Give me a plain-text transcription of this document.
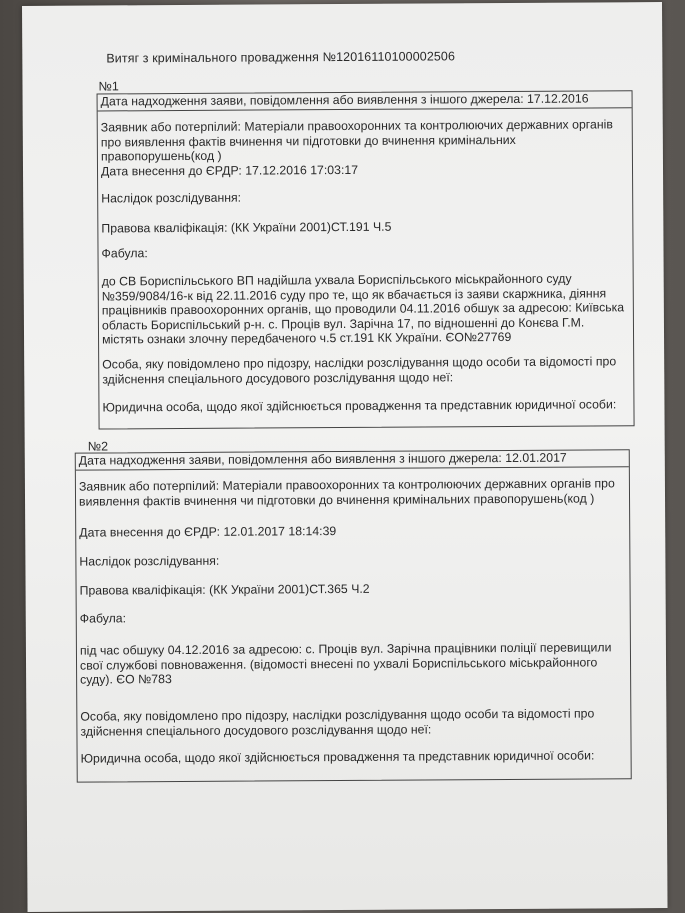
Витяг з кримінального провадження №12016110100002506
№1
Дата надходження заяви, повідомлення або виявлення з іншого джерела: 17.12.2016

Заявник або потерпілий: Матеріали правоохоронних та контролюючих державних органів про виявлення фактів вчинення чи підготовки до вчинення кримінальних правопорушень(код )

Дата внесення до ЄРДР: 17.12.2016 17:03:17

Наслідок розслідування:

Правова кваліфікація: (КК України 2001)СТ.191 Ч.5

Фабула:

до СВ Бориспільського ВП надійшла ухвала Бориспільського міськрайонного суду №359/9084/16-к від 22.11.2016 суду про те, що як вбачається із заяви скаржника, діяння працівників правоохоронних органів, що проводили 04.11.2016 обшук за адресою: Київська область Бориспільський р-н. с. Проців вул. Зарічна 17, по відношенні до Конєва Г.М. містять ознаки злочну передбаченого ч.5 ст.191 КК України. ЄО№27769

Особа, яку повідомлено про підозру, наслідки розслідування щодо особи та відомості про здійснення спеціального досудового розслідування щодо неї:

Юридична особа, щодо якої здійснюється провадження та представник юридичної особи:

№2
Дата надходження заяви, повідомлення або виявлення з іншого джерела: 12.01.2017

Заявник або потерпілий: Матеріали правоохоронних та контролюючих державних органів про виявлення фактів вчинення чи підготовки до вчинення кримінальних правопорушень(код )

Дата внесення до ЄРДР: 12.01.2017 18:14:39

Наслідок розслідування:

Правова кваліфікація: (КК України 2001)СТ.365 Ч.2

Фабула:

під час обшуку 04.12.2016 за адресою: с. Проців вул. Зарічна працівники поліції перевищили свої службові повноваження. (відомості внесені по ухвалі Бориспільського міськрайонного суду). ЄО №783

Особа, яку повідомлено про підозру, наслідки розслідування щодо особи та відомості про здійснення спеціального досудового розслідування щодо неї:

Юридична особа, щодо якої здійснюється провадження та представник юридичної особи:
